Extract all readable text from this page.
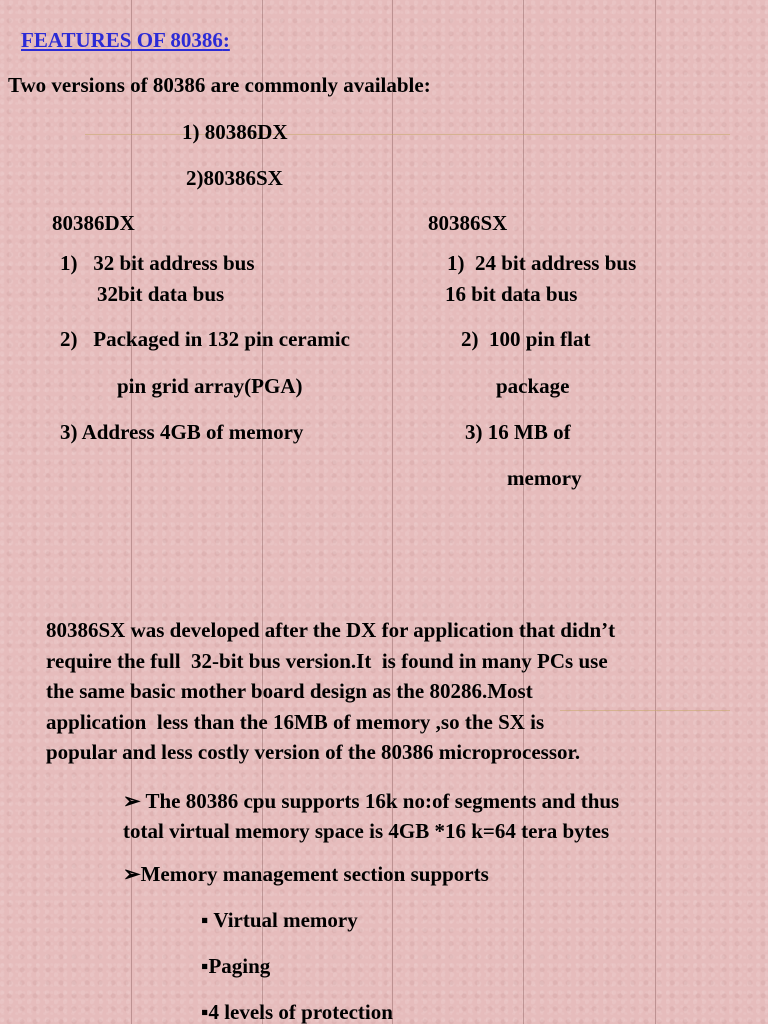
FEATURES OF 80386:

Two versions of 80386 are commonly available:

1) 80386DX

2)80386SX

80386DX

1)   32 bit address bus

32bit data bus

2)   Packaged in 132 pin ceramic

pin grid array(PGA)

3) Address 4GB of memory

80386SX

1)  24 bit address bus

16 bit data bus

2)  100 pin flat

package

3) 16 MB of

memory

80386SX was developed after the DX for application that didn’t
require the full  32-bit bus version.It  is found in many PCs use
the same basic mother board design as the 80286.Most
application  less than the 16MB of memory ,so the SX is
popular and less costly version of the 80386 microprocessor.
➢ The 80386 cpu supports 16k no:of segments and thus
total virtual memory space is 4GB *16 k=64 tera bytes

➢Memory management section supports

▪ Virtual memory

▪Paging

▪4 levels of protection
